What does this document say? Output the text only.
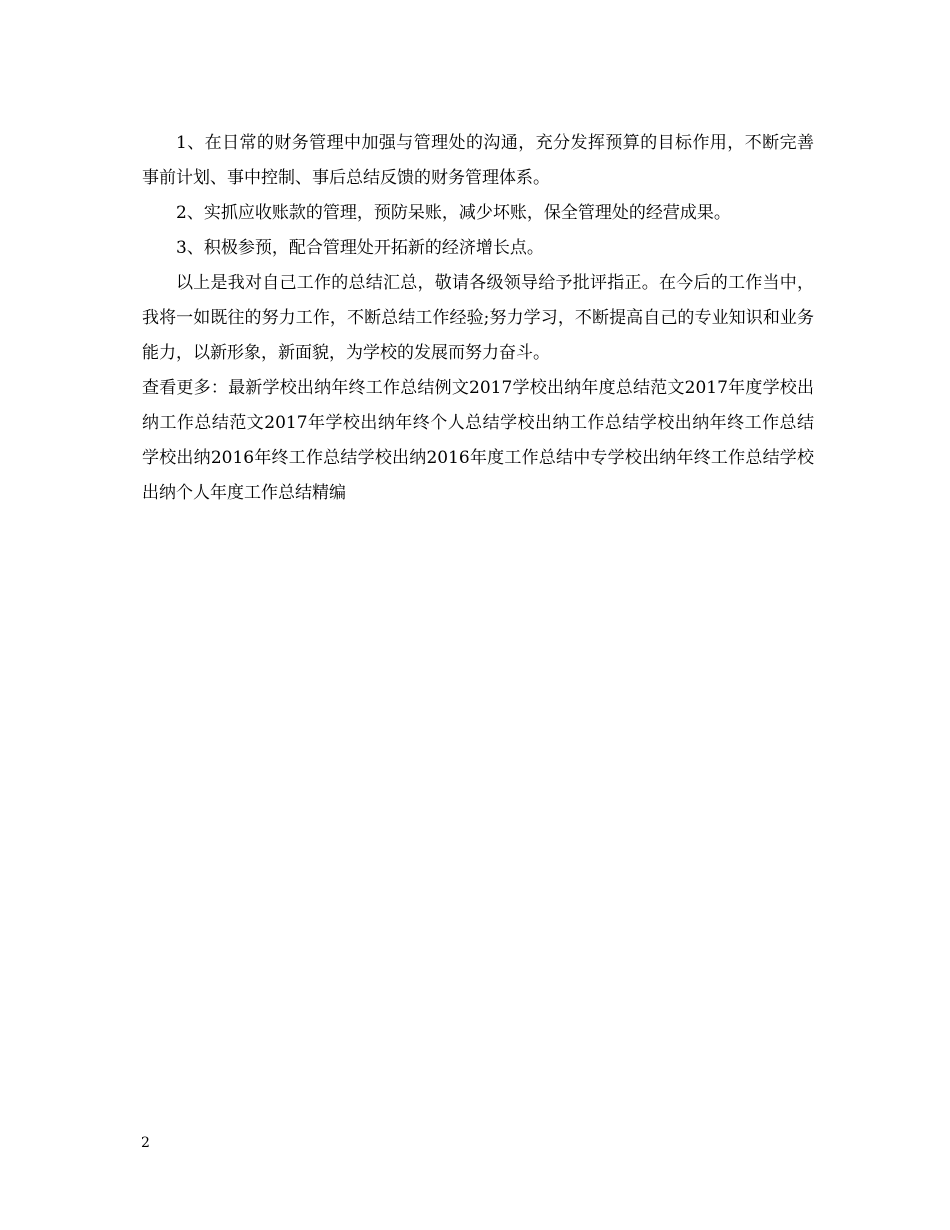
1、在日常的财务管理中加强与管理处的沟通，充分发挥预算的目标作用，不断完善事前计划、事中控制、事后总结反馈的财务管理体系。

2、实抓应收账款的管理，预防呆账，减少坏账，保全管理处的经营成果。

3、积极参预，配合管理处开拓新的经济增长点。

以上是我对自己工作的总结汇总，敬请各级领导给予批评指正。在今后的工作当中，我将一如既往的努力工作，不断总结工作经验;努力学习，不断提高自己的专业知识和业务能力，以新形象，新面貌，为学校的发展而努力奋斗。

查看更多：最新学校出纳年终工作总结例文2017学校出纳年度总结范文2017年度学校出纳工作总结范文2017年学校出纳年终个人总结学校出纳工作总结学校出纳年终工作总结学校出纳2016年终工作总结学校出纳2016年度工作总结中专学校出纳年终工作总结学校出纳个人年度工作总结精编

2
